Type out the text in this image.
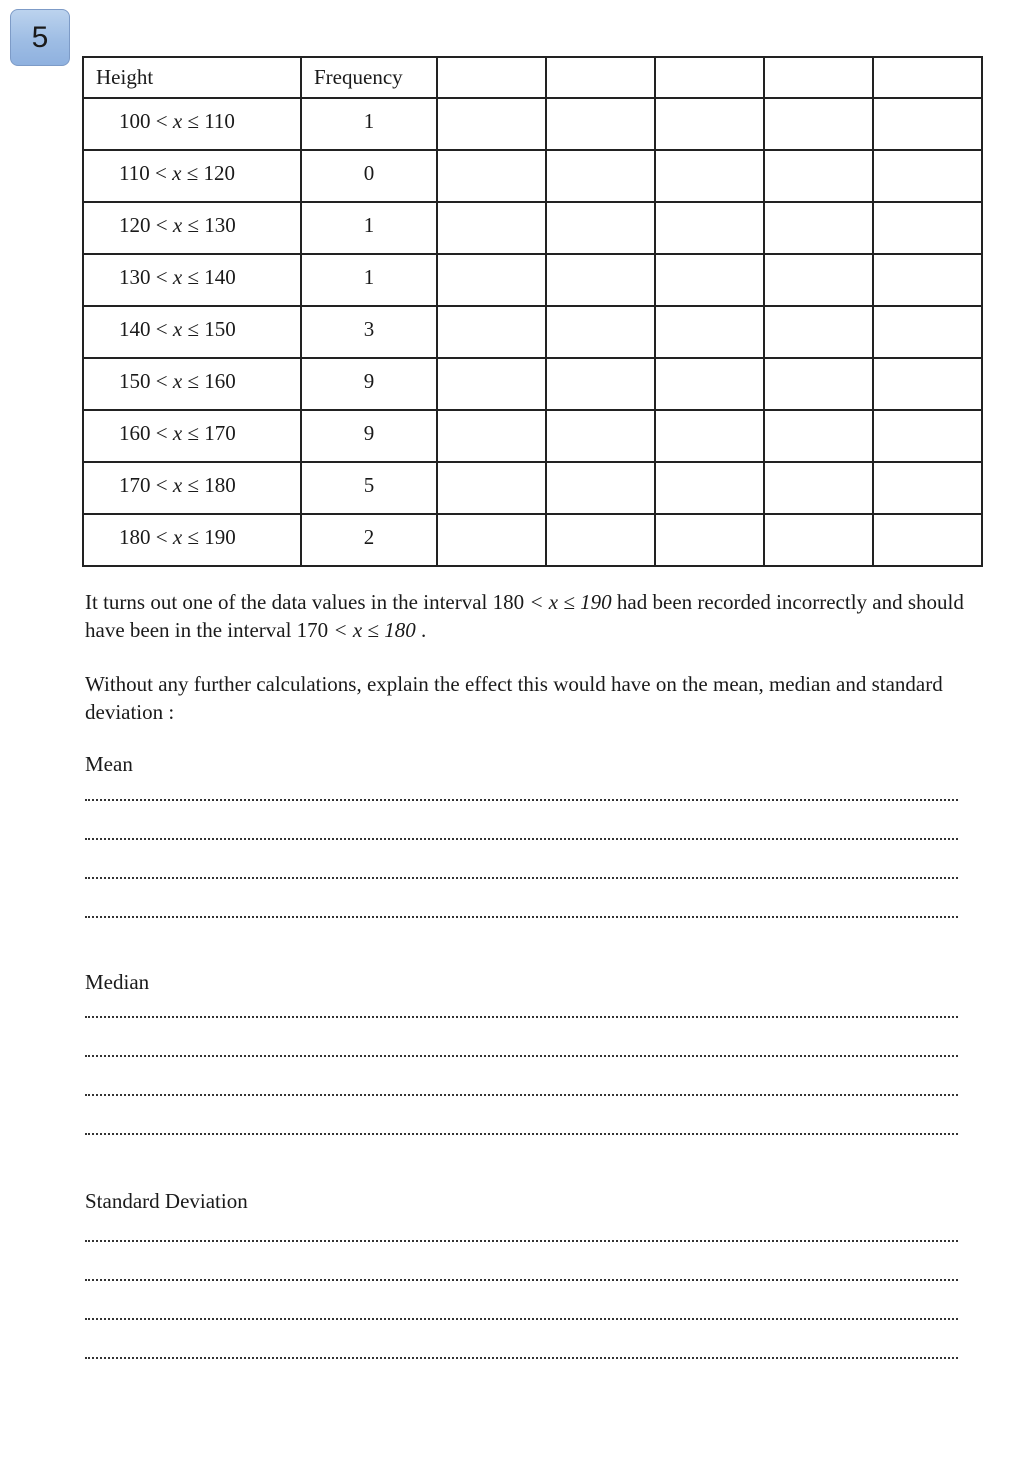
5
Height	Frequency					
100 < x ≤ 110	1					
110 < x ≤ 120	0					
120 < x ≤ 130	1					
130 < x ≤ 140	1					
140 < x ≤ 150	3					
150 < x ≤ 160	9					
160 < x ≤ 170	9					
170 < x ≤ 180	5					
180 < x ≤ 190	2					

It turns out one of the data values in the interval 180 < x ≤ 190 had been recorded incorrectly and should have been in the interval 170 < x ≤ 180 .

Without any further calculations, explain the effect this would have on the mean, median and standard deviation :

Mean

Median

Standard Deviation
